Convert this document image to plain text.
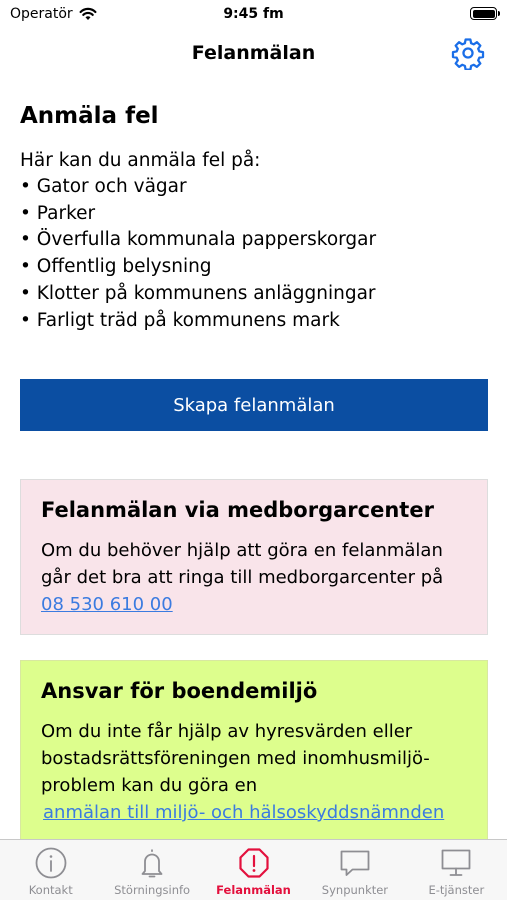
Operatör	9:45 fm
Felanmälan
Anmäla fel

Här kan du anmäla fel på:

• Gator och vägar
• Parker
• Överfulla kommunala papperskorgar
• Offentlig belysning
• Klotter på kommunens anläggningar
• Farligt träd på kommunens mark
Skapa felanmälan
Felanmälan via medborgarcenter
Om du behöver hjälp att göra en felanmälan går det bra att ringa till medborgarcenter på
08 530 610 00
Ansvar för boendemiljö
Om du inte får hjälp av hyresvärden eller bostadsrättsföreningen med inomhusmiljö-problem kan du göra en
anmälan till miljö- och hälsoskyddsnämnden
Kontakt	Störningsinfo Felanmälan	Synpunkter	E-tjänster
